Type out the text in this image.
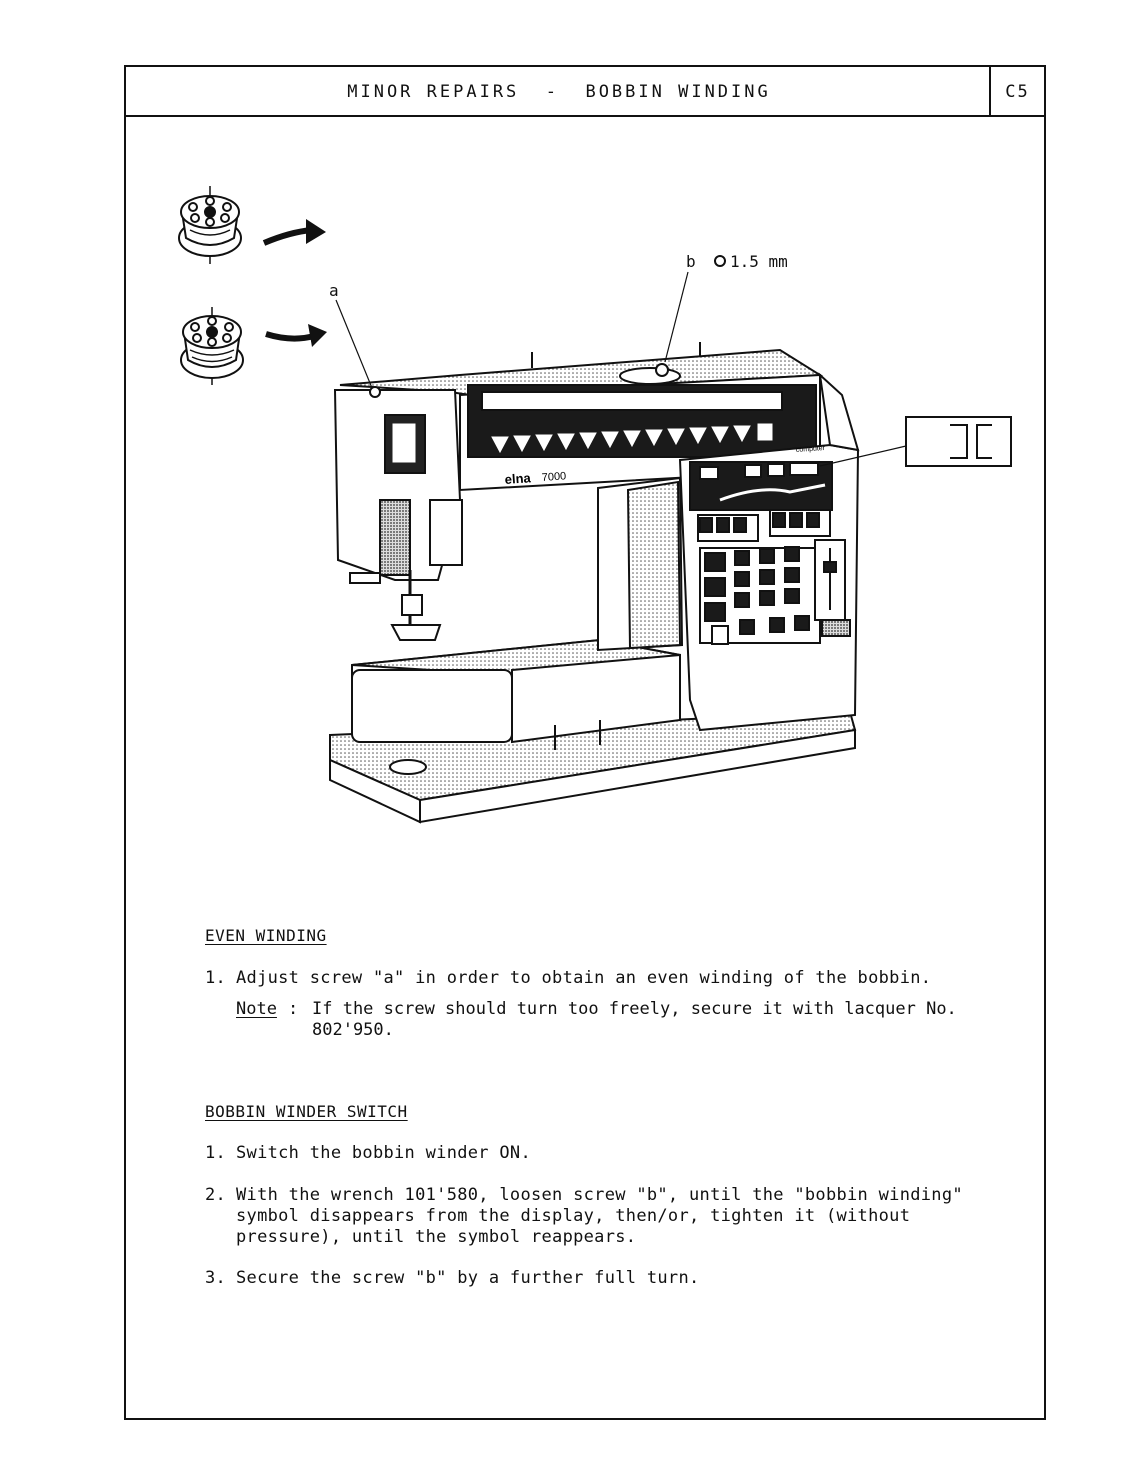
MINOR REPAIRS  -  BOBBIN WINDING	C5
elna 7000
computer
⊐⊏
a
b 1.5 mm
EVEN WINDING
1. Adjust screw "a" in order to obtain an even winding of the bobbin.
Note : If the screw should turn too freely, secure it with lacquer No. 802'950.
BOBBIN WINDER SWITCH
1. Switch the bobbin winder ON.
2. With the wrench 101'580, loosen screw "b", until the "bobbin winding" symbol disappears from the display, then/or, tighten it (without pressure), until the symbol reappears.
3. Secure the screw "b" by a further full turn.
